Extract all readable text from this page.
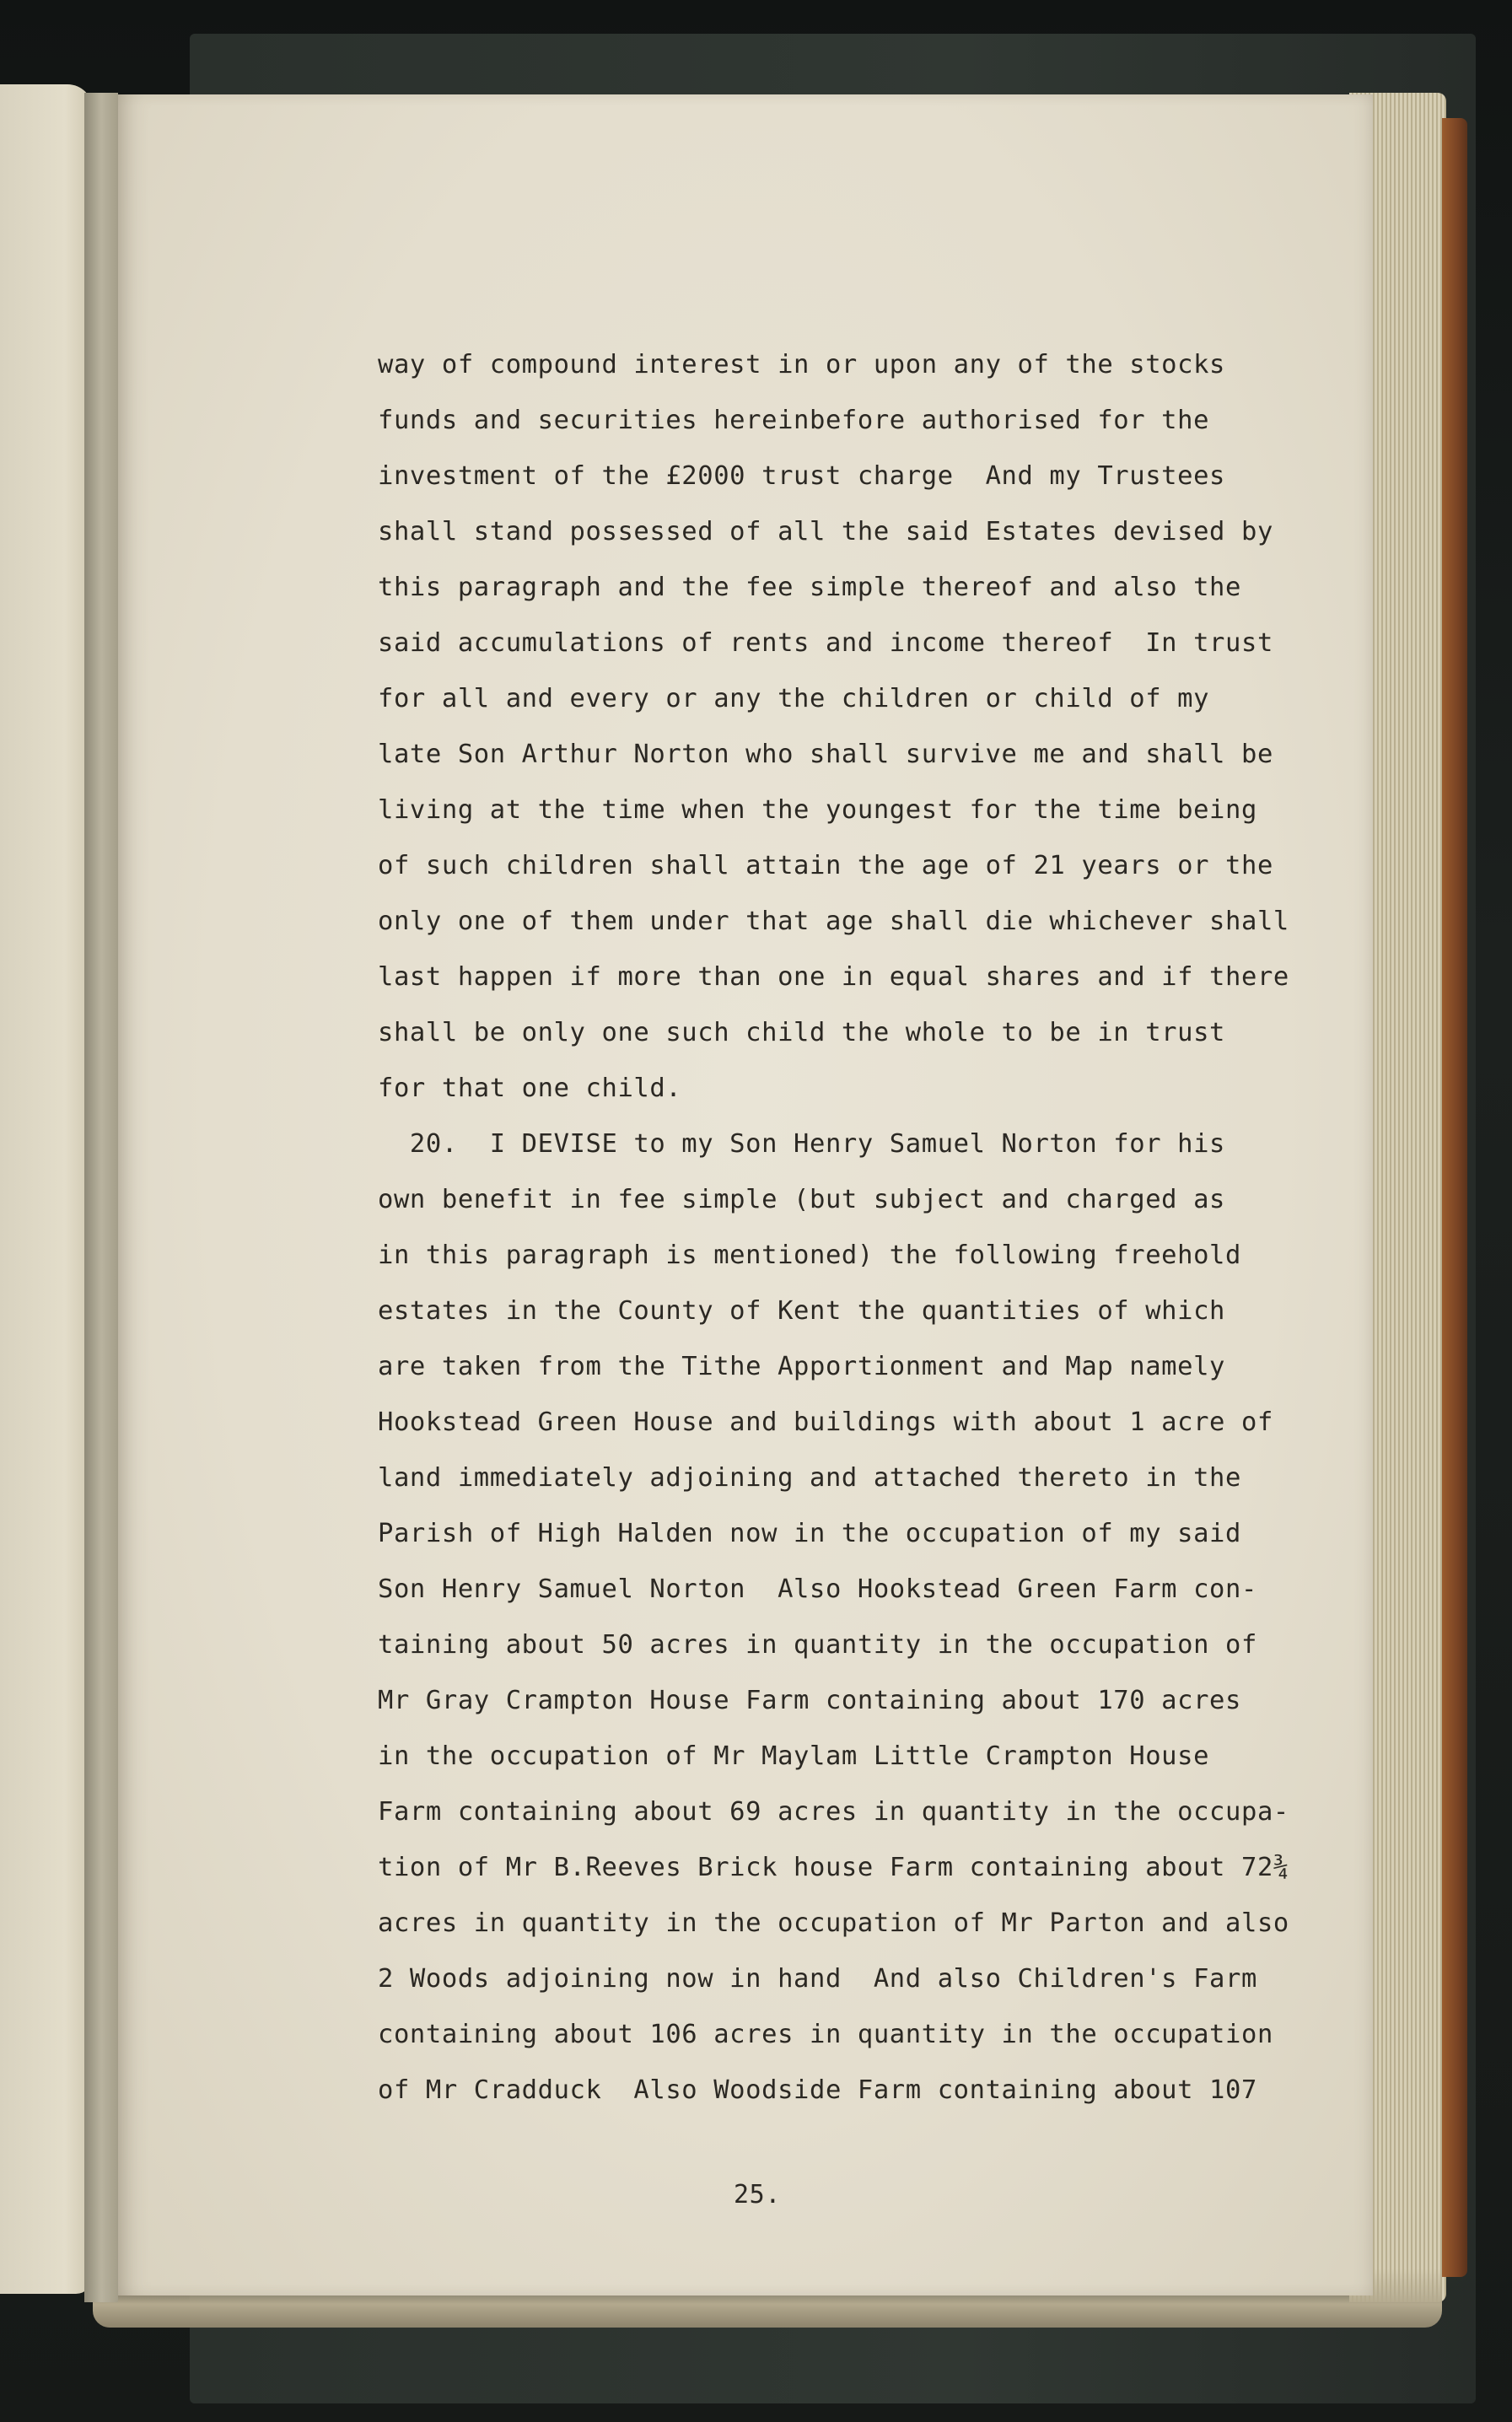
way of compound interest in or upon any of the stocks
funds and securities hereinbefore authorised for the
investment of the £2000 trust charge  And my Trustees
shall stand possessed of all the said Estates devised by
this paragraph and the fee simple thereof and also the
said accumulations of rents and income thereof  In trust
for all and every or any the children or child of my
late Son Arthur Norton who shall survive me and shall be
living at the time when the youngest for the time being
of such children shall attain the age of 21 years or the
only one of them under that age shall die whichever shall
last happen if more than one in equal shares and if there
shall be only one such child the whole to be in trust
for that one child.
20.  I DEVISE to my Son Henry Samuel Norton for his
own benefit in fee simple (but subject and charged as
in this paragraph is mentioned) the following freehold
estates in the County of Kent the quantities of which
are taken from the Tithe Apportionment and Map namely
Hookstead Green House and buildings with about 1 acre of
land immediately adjoining and attached thereto in the
Parish of High Halden now in the occupation of my said
Son Henry Samuel Norton  Also Hookstead Green Farm con-
taining about 50 acres in quantity in the occupation of
Mr Gray Crampton House Farm containing about 170 acres
in the occupation of Mr Maylam Little Crampton House
Farm containing about 69 acres in quantity in the occupa-
tion of Mr B.Reeves Brick house Farm containing about 72¾
acres in quantity in the occupation of Mr Parton and also
2 Woods adjoining now in hand  And also Children's Farm
containing about 106 acres in quantity in the occupation
of Mr Cradduck  Also Woodside Farm containing about 107
25.
